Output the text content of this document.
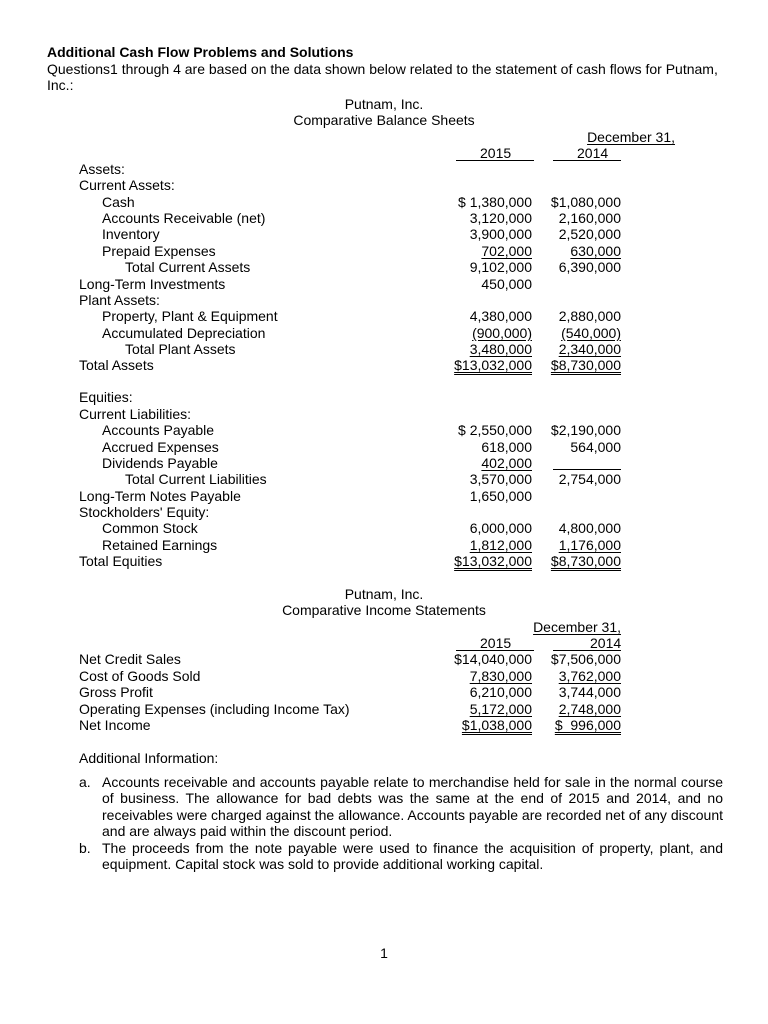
Additional Cash Flow Problems and Solutions
Questions1 through 4 are based on the data shown below related to the statement of cash flows for Putnam, Inc.:
Putnam, Inc.
Comparative Balance Sheets
December 31,
2015	2014
Assets:
Current Assets:
Cash	$ 1,380,000 $1,080,000
Accounts Receivable (net)	3,120,000 2,160,000
Inventory	3,900,000 2,520,000
Prepaid Expenses	702,000	630,000
Total Current Assets	9,102,000 6,390,000
Long-Term Investments	450,000
Plant Assets:
Property, Plant & Equipment	4,380,000 2,880,000
Accumulated Depreciation	(900,000) (540,000)
Total Plant Assets	3,480,000 2,340,000
Total Assets	$13,032,000 $8,730,000
Equities:
Current Liabilities:
Accounts Payable	$ 2,550,000 $2,190,000
Accrued Expenses	618,000	564,000
Dividends Payable	402,000
Total Current Liabilities	3,570,000 2,754,000
Long-Term Notes Payable	1,650,000
Stockholders' Equity:
Common Stock	6,000,000 4,800,000
Retained Earnings	1,812,000 1,176,000
Total Equities	$13,032,000 $8,730,000
Putnam, Inc.
Comparative Income Statements
December 31,
2015	2014
Net Credit Sales	$14,040,000 $7,506,000
Cost of Goods Sold	7,830,000 3,762,000
Gross Profit	6,210,000 3,744,000
Operating Expenses (including Income Tax)	5,172,000 2,748,000
Net Income	$1,038,000 $  996,000
Additional Information:
a. Accounts receivable and accounts payable relate to merchandise held for sale in the normal course of business. The allowance for bad debts was the same at the end of 2015 and 2014, and no receivables were charged against the allowance. Accounts payable are recorded net of any discount and are always paid within the discount period.
b. The proceeds from the note payable were used to finance the acquisition of property, plant, and equipment. Capital stock was sold to provide additional working capital.
1
